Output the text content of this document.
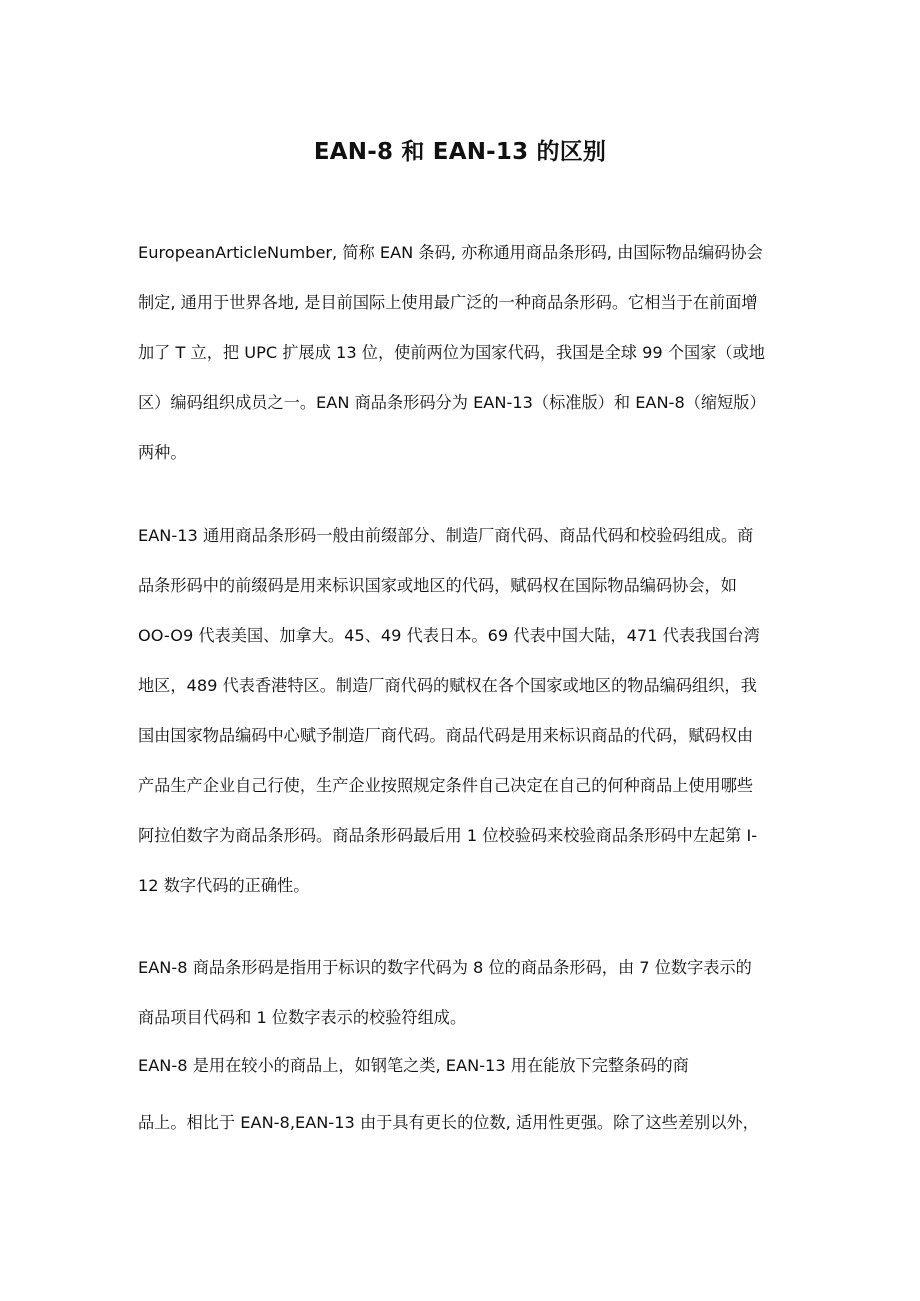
EAN-8 和 EAN-13 的区别

EuropeanArticleNumber, 简称 EAN 条码, 亦称通用商品条形码, 由国际物品编码协会
制定, 通用于世界各地, 是目前国际上使用最广泛的一种商品条形码。它相当于在前面增
加了 T 立，把 UPC 扩展成 13 位，使前两位为国家代码，我国是全球 99 个国家（或地
区）编码组织成员之一。EAN 商品条形码分为 EAN-13（标准版）和 EAN-8（缩短版）
两种。

EAN-13 通用商品条形码一般由前缀部分、制造厂商代码、商品代码和校验码组成。商
品条形码中的前缀码是用来标识国家或地区的代码，赋码权在国际物品编码协会，如
OO-O9 代表美国、加拿大。45、49 代表日本。69 代表中国大陆，471 代表我国台湾
地区，489 代表香港特区。制造厂商代码的赋权在各个国家或地区的物品编码组织，我
国由国家物品编码中心赋予制造厂商代码。商品代码是用来标识商品的代码，赋码权由
产品生产企业自己行使，生产企业按照规定条件自己决定在自己的何种商品上使用哪些
阿拉伯数字为商品条形码。商品条形码最后用 1 位校验码来校验商品条形码中左起第 I-
12 数字代码的正确性。

EAN-8 商品条形码是指用于标识的数字代码为 8 位的商品条形码，由 7 位数字表示的
商品项目代码和 1 位数字表示的校验符组成。

EAN-8 是用在较小的商品上，如钢笔之类, EAN-13 用在能放下完整条码的商

品上。相比于 EAN-8,EAN-13 由于具有更长的位数, 适用性更强。除了这些差别以外，
